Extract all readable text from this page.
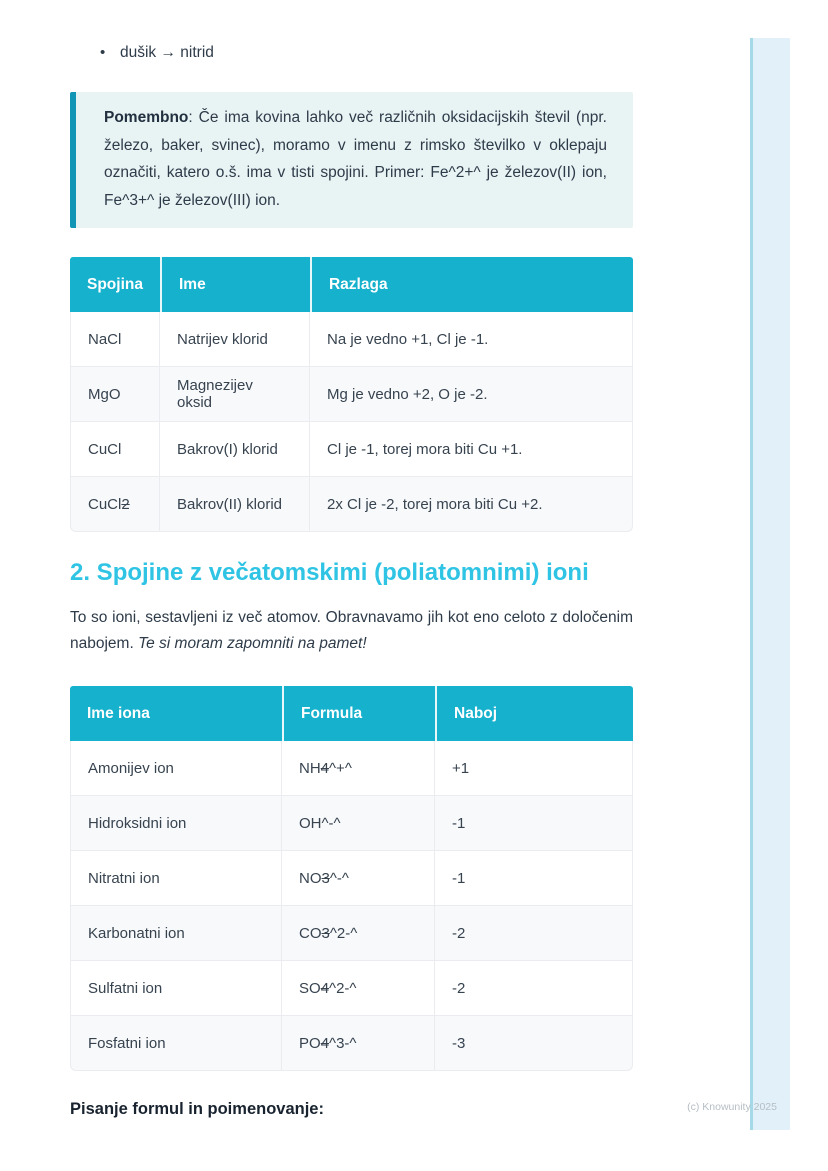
• dušik → nitrid

Pomembno: Če ima kovina lahko več različnih oksidacijskih števil (npr. železo, baker, svinec), moramo v imenu z rimsko številko v oklepaju označiti, katero o.š. ima v tisti spojini. Primer: Fe^2+^ je železov(II) ion, Fe^3+^ je železov(III) ion.

Spojina	Ime	Razlaga
NaCl	Natrijev klorid	Na je vedno +1, Cl je -1.
MgO	Magnezijev oksid	Mg je vedno +2, O je -2.
CuCl	Bakrov(I) klorid	Cl je -1, torej mora biti Cu +1.
CuCl2	Bakrov(II) klorid	2x Cl je -2, torej mora biti Cu +2.
2. Spojine z večatomskimi (poliatomnimi) ioni

To so ioni, sestavljeni iz več atomov. Obravnavamo jih kot eno celoto z določenim nabojem. Te si moram zapomniti na pamet!

Ime iona	Formula	Naboj
Amonijev ion	NH4^+^	+1
Hidroksidni ion	OH^-^	-1
Nitratni ion	NO3^-^	-1
Karbonatni ion	CO3^2-^	-2
Sulfatni ion	SO4^2-^	-2
Fosfatni ion	PO4^3-^	-3

Pisanje formul in poimenovanje:	(c) Knowunity 2025
